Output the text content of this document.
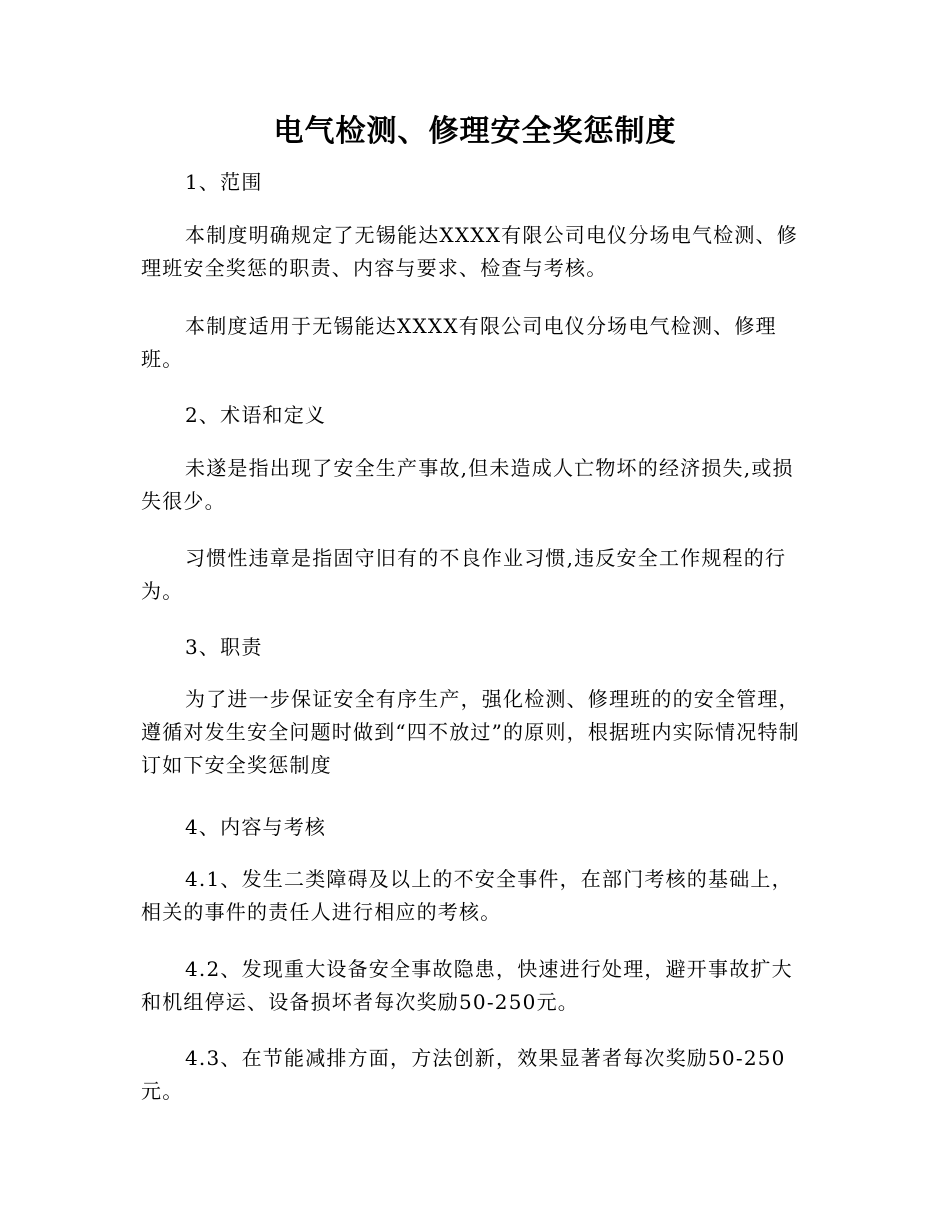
电气检测、修理安全奖惩制度

1、范围

本制度明确规定了无锡能达XXXX有限公司电仪分场电气检测、修理班安全奖惩的职责、内容与要求、检查与考核。

本制度适用于无锡能达XXXX有限公司电仪分场电气检测、修理班。

2、术语和定义

未遂是指出现了安全生产事故,但未造成人亡物坏的经济损失,或损失很少。

习惯性违章是指固守旧有的不良作业习惯,违反安全工作规程的行为。

3、职责

为了进一步保证安全有序生产，强化检测、修理班的的安全管理，遵循对发生安全问题时做到“四不放过”的原则，根据班内实际情况特制订如下安全奖惩制度

4、内容与考核

4.1、发生二类障碍及以上的不安全事件，在部门考核的基础上，相关的事件的责任人进行相应的考核。

4.2、发现重大设备安全事故隐患，快速进行处理，避开事故扩大和机组停运、设备损坏者每次奖励50-250元。

4.3、在节能减排方面，方法创新，效果显著者每次奖励50-250元。
